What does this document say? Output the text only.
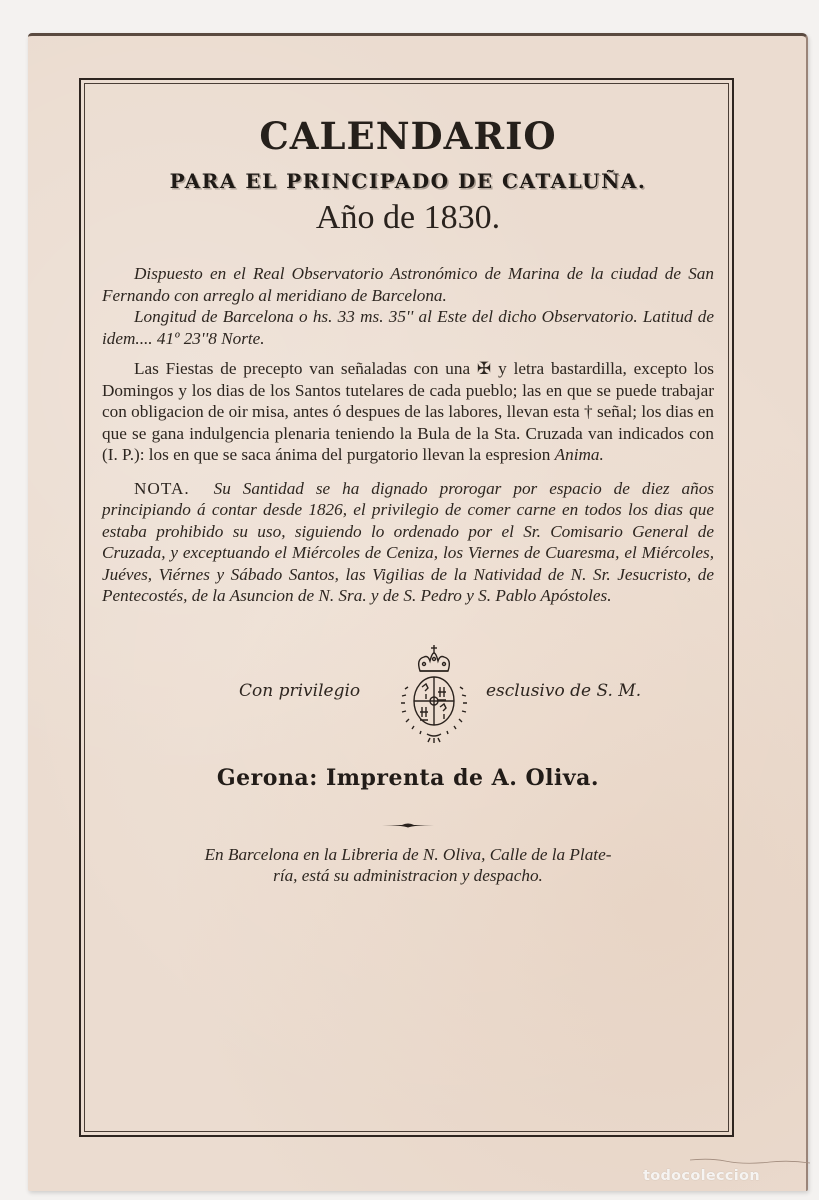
CALENDARIO
PARA EL PRINCIPADO DE CATALUÑA.
Año de 1830.

Dispuesto en el Real Observatorio Astronómico de Marina de la ciudad de San Fernando con arreglo al meridiano de Barcelona.

Longitud de Barcelona o hs. 33 ms. 35'' al Este del dicho Observatorio. Latitud de idem.... 41º 23''8 Norte.

Las Fiestas de precepto van señaladas con una ✠ y letra bastardilla, excepto los Domingos y los dias de los Santos tutelares de cada pueblo; las en que se puede trabajar con obligacion de oir misa, antes ó despues de las labores, llevan esta † señal; los dias en que se gana indulgencia plenaria teniendo la Bula de la Sta. Cruzada van indicados con (I. P.): los en que se saca ánima del purgatorio llevan la espresion Anima.

NOTA. Su Santidad se ha dignado prorogar por espacio de diez años principiando á contar desde 1826, el privilegio de comer carne en todos los dias que estaba prohibido su uso, siguiendo lo ordenado por el Sr. Comisario General de Cruzada, y exceptuando el Miércoles de Ceniza, los Viernes de Cuaresma, el Miércoles, Juéves, Viérnes y Sábado Santos, las Vigilias de la Natividad de N. Sr. Jesucristo, de Pentecostés, de la Asuncion de N. Sra. y de S. Pedro y S. Pablo Apóstoles.

Con privilegio	esclusivo de S. M.
Gerona: Imprenta de A. Oliva.
En Barcelona en la Libreria de N. Oliva, Calle de la Plate-
ría, está su administracion y despacho.
todocoleccion
